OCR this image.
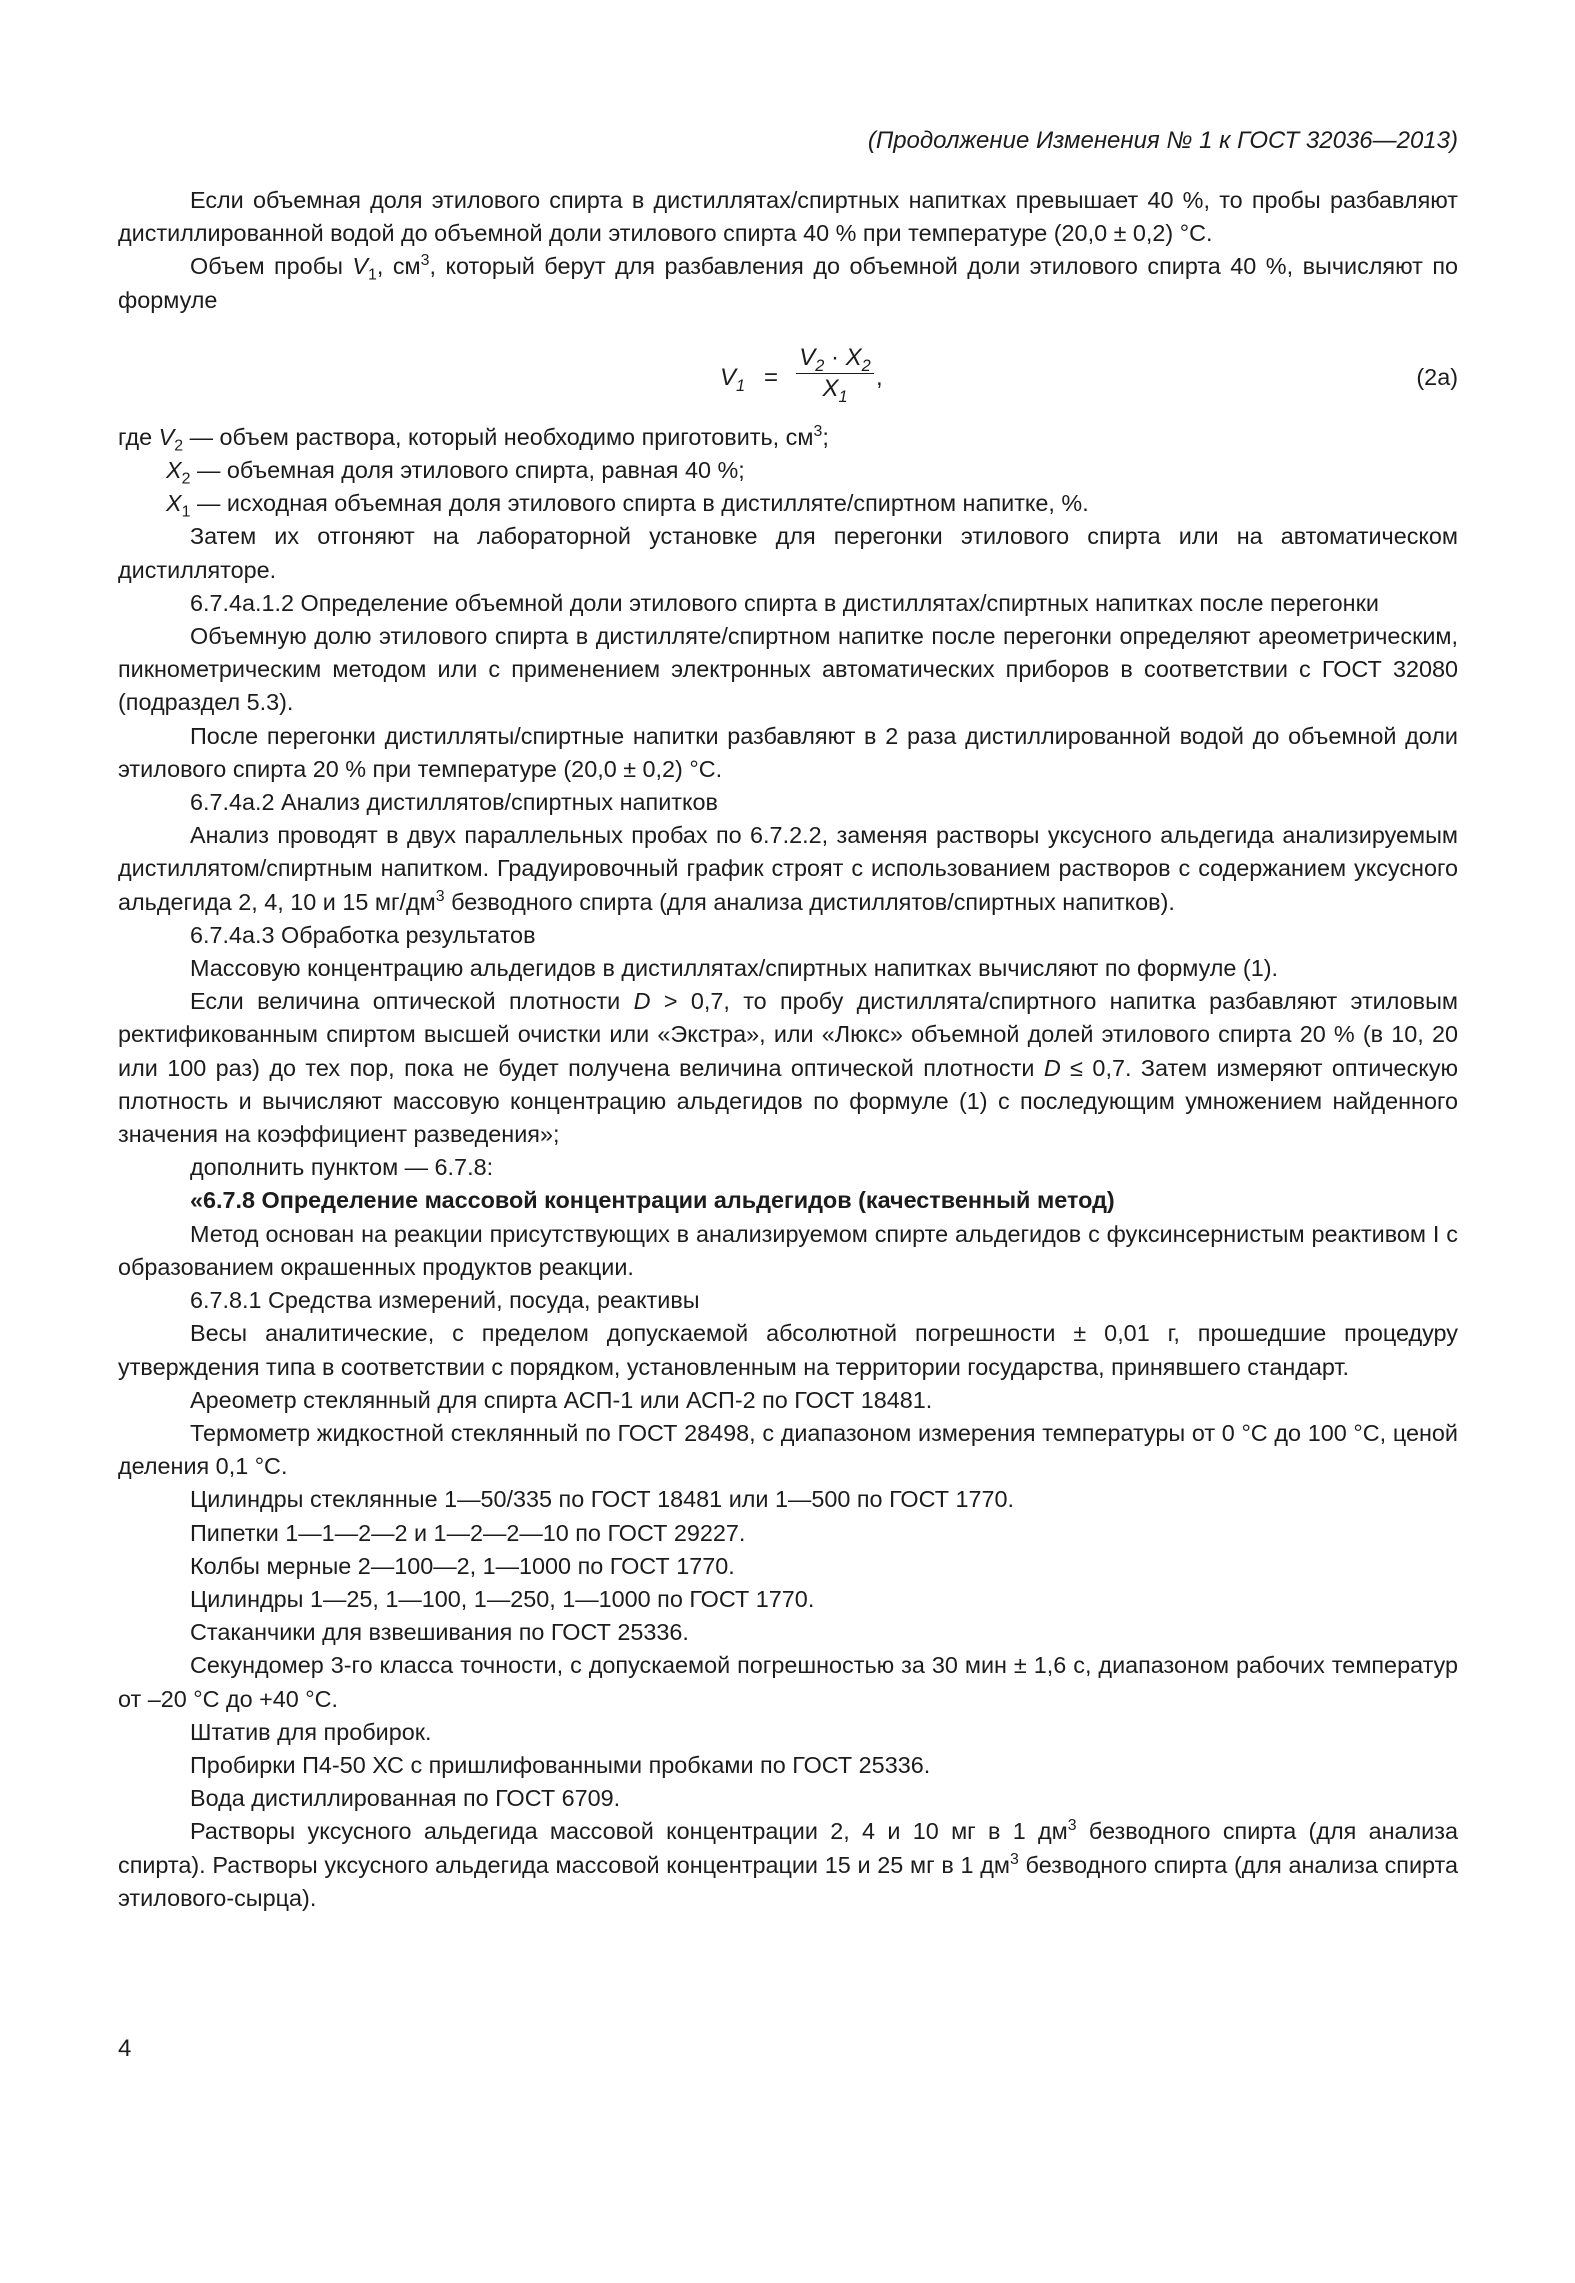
(Продолжение Изменения № 1 к ГОСТ 32036—2013)

Если объемная доля этилового спирта в дистиллятах/спиртных напитках превышает 40 %, то пробы разбавляют дистиллированной водой до объемной доли этилового спирта 40 % при температуре (20,0 ± 0,2) °С.

Объем пробы $V_1$, $см^3$, который берут для разбавления до объемной доли этилового спирта 40 %, вычисляют по формуле

$V_1$ =
$V_2 \cdot X_2$
$X_1$
,	(2а)

где $V_2$ — объем раствора, который необходимо приготовить, $см^3$;

$X_2$ — объемная доля этилового спирта, равная 40 %;

$X_1$ — исходная объемная доля этилового спирта в дистилляте/спиртном напитке, %.

Затем их отгоняют на лабораторной установке для перегонки этилового спирта или на автоматическом дистилляторе.

6.7.4а.1.2 Определение объемной доли этилового спирта в дистиллятах/спиртных напитках после перегонки

Объемную долю этилового спирта в дистилляте/спиртном напитке после перегонки определяют ареометрическим, пикнометрическим методом или с применением электронных автоматических приборов в соответствии с ГОСТ 32080 (подраздел 5.3).

После перегонки дистилляты/спиртные напитки разбавляют в 2 раза дистиллированной водой до объемной доли этилового спирта 20 % при температуре (20,0 ± 0,2) °С.

6.7.4а.2 Анализ дистиллятов/спиртных напитков

Анализ проводят в двух параллельных пробах по 6.7.2.2, заменяя растворы уксусного альдегида анализируемым дистиллятом/спиртным напитком. Градуировочный график строят с использованием растворов с содержанием уксусного альдегида 2, 4, 10 и 15 $мг/дм^3$ безводного спирта (для анализа дистиллятов/спиртных напитков).

6.7.4а.3 Обработка результатов

Массовую концентрацию альдегидов в дистиллятах/спиртных напитках вычисляют по формуле (1).

Если величина оптической плотности D > 0,7, то пробу дистиллята/спиртного напитка разбавляют этиловым ректификованным спиртом высшей очистки или «Экстра», или «Люкс» объемной долей этилового спирта 20 % (в 10, 20 или 100 раз) до тех пор, пока не будет получена величина оптической плотности D ≤ 0,7. Затем измеряют оптическую плотность и вычисляют массовую концентрацию альдегидов по формуле (1) с последующим умножением найденного значения на коэффициент разведения»;

дополнить пунктом — 6.7.8:

«6.7.8 Определение массовой концентрации альдегидов (качественный метод)

Метод основан на реакции присутствующих в анализируемом спирте альдегидов с фуксинсернистым реактивом I с образованием окрашенных продуктов реакции.

6.7.8.1 Средства измерений, посуда, реактивы

Весы аналитические, с пределом допускаемой абсолютной погрешности ± 0,01 г, прошедшие процедуру утверждения типа в соответствии с порядком, установленным на территории государства, принявшего стандарт.

Ареометр стеклянный для спирта АСП-1 или АСП-2 по ГОСТ 18481.

Термометр жидкостной стеклянный по ГОСТ 28498, с диапазоном измерения температуры от 0 °С до 100 °С, ценой деления 0,1 °С.

Цилиндры стеклянные 1—50/335 по ГОСТ 18481 или 1—500 по ГОСТ 1770.

Пипетки 1—1—2—2 и 1—2—2—10 по ГОСТ 29227.

Колбы мерные 2—100—2, 1—1000 по ГОСТ 1770.

Цилиндры 1—25, 1—100, 1—250, 1—1000 по ГОСТ 1770.

Стаканчики для взвешивания по ГОСТ 25336.

Секундомер 3-го класса точности, с допускаемой погрешностью за 30 мин ± 1,6 с, диапазоном рабочих температур от –20 °С до +40 °С.

Штатив для пробирок.

Пробирки П4-50 ХС с пришлифованными пробками по ГОСТ 25336.

Вода дистиллированная по ГОСТ 6709.

Растворы уксусного альдегида массовой концентрации 2, 4 и 10 мг в 1 $дм^3$ безводного спирта (для анализа спирта). Растворы уксусного альдегида массовой концентрации 15 и 25 мг в 1 $дм^3$ безводного спирта (для анализа спирта этилового-сырца).

4
